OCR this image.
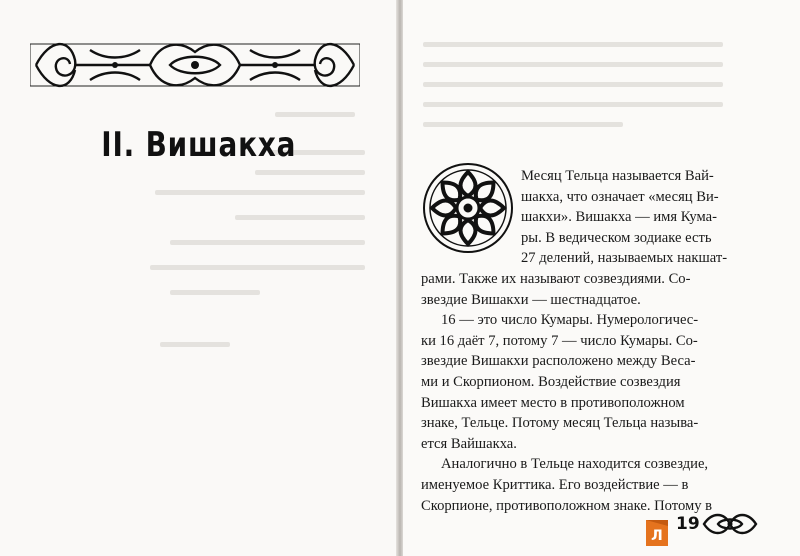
II. Вишакха
Месяц Тельца называется Вай-
шакха, что означает «месяц Ви-
шакхи». Вишакха — имя Кума-
ры. В ведическом зодиаке есть
27 делений, называемых накшат-
рами. Также их называют созвездиями. Со-
звездие Вишакхи — шестнадцатое.
16 — это число Кумары. Нумерологичес-
ки 16 даёт 7, потому 7 — число Кумары. Со-
звездие Вишакхи расположено между Веса-
ми и Скорпионом. Воздействие созвездия
Вишакха имеет место в противоположном
знаке, Тельце. Потому месяц Тельца называ-
ется Вайшакха.
Аналогично в Тельце находится созвездие,
именуемое Криттика. Его воздействие — в
Скорпионе, противоположном знаке. Потому в
Л
19
